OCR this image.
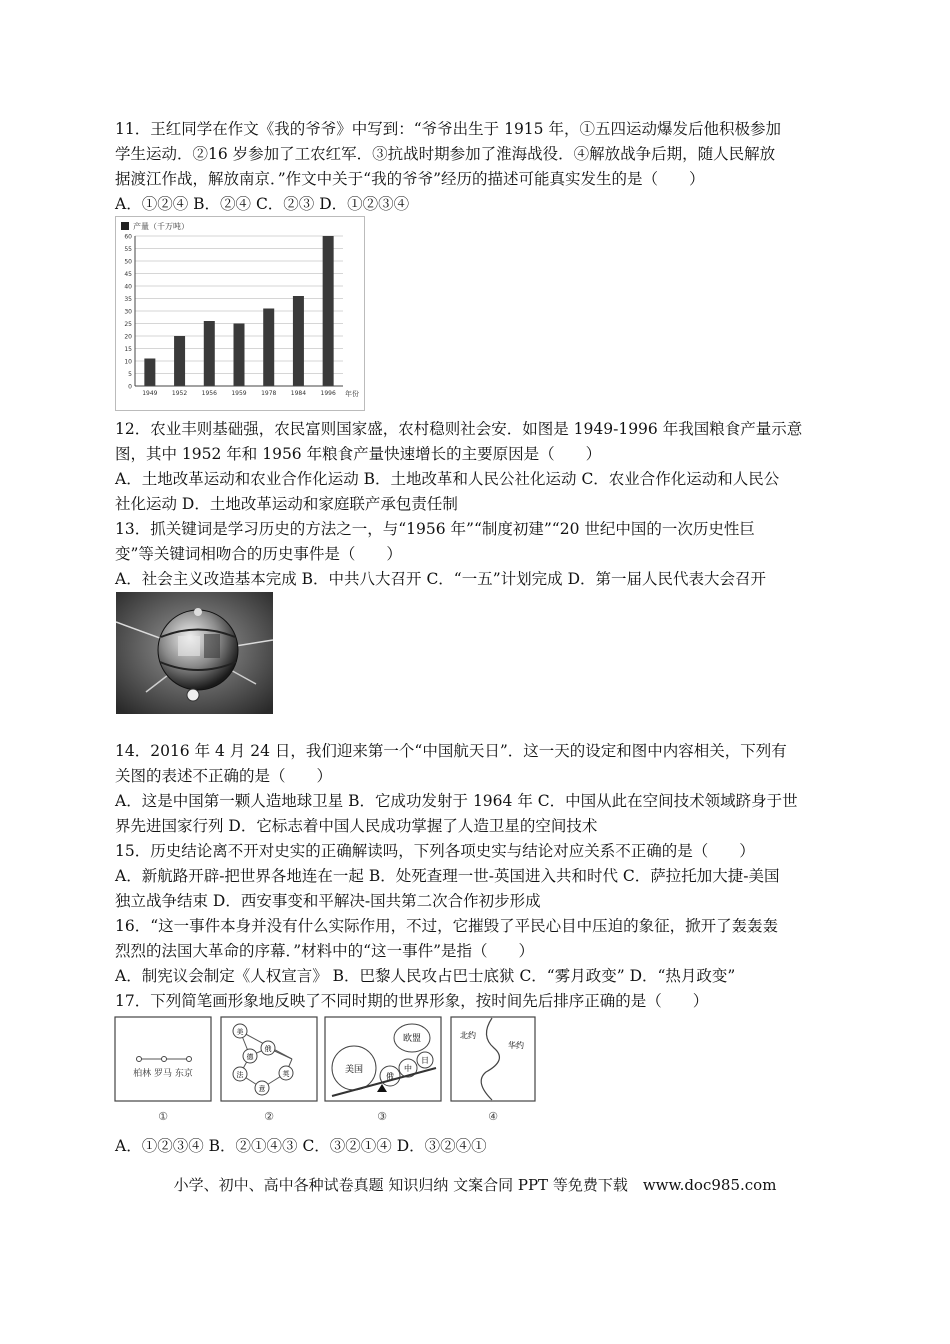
11．王红同学在作文《我的爷爷》中写到：“爷爷出生于 1915 年，①五四运动爆发后他积极参加
学生运动．②16 岁参加了工农红军．③抗战时期参加了淮海战役．④解放战争后期，随人民解放
据渡江作战，解放南京．”作文中关于“我的爷爷”经历的描述可能真实发生的是（　　）
A．①②④ B．②④ C．②③ D．①②③④
产量（千万吨）
0
5
10
15
20
25
30
35
40
45
50
55
60
1949 1952 1956 1959 1978 1984 1996 年份
12．农业丰则基础强，农民富则国家盛，农村稳则社会安．如图是 1949-1996 年我国粮食产量示意
图，其中 1952 年和 1956 年粮食产量快速增长的主要原因是（　　）
A．土地改革运动和农业合作化运动 B．土地改革和人民公社化运动 C．农业合作化运动和人民公
社化运动 D．土地改革运动和家庭联产承包责任制
13．抓关键词是学习历史的方法之一，与“1956 年”“制度初建”“20 世纪中国的一次历史性巨
变”等关键词相吻合的历史事件是（　　）
A．社会主义改造基本完成 B．中共八大召开 C．“一五”计划完成 D．第一届人民代表大会召开
14．2016 年 4 月 24 日，我们迎来第一个“中国航天日”．这一天的设定和图中内容相关，下列有
关图的表述不正确的是（　　）
A．这是中国第一颗人造地球卫星 B．它成功发射于 1964 年 C．中国从此在空间技术领域跻身于世
界先进国家行列 D．它标志着中国人民成功掌握了人造卫星的空间技术
15．历史结论离不开对史实的正确解读吗，下列各项史实与结论对应关系不正确的是（　　）
A．新航路开辟-把世界各地连在一起 B．处死查理一世-英国进入共和时代 C．萨拉托加大捷-美国
独立战争结束 D．西安事变和平解决-国共第二次合作初步形成
16．“这一事件本身并没有什么实际作用，不过，它摧毁了平民心目中压迫的象征，掀开了轰轰轰
烈烈的法国大革命的序幕．”材料中的“这一事件”是指（　　）
A．制宪议会制定《人权宣言》 B．巴黎人民攻占巴士底狱 C．“雾月政变” D．“热月政变”
17．下列简笔画形象地反映了不同时期的世界形象，按时间先后排序正确的是（　　）
柏林 罗马 东京
①
美
德
俄
法	英
意
②
美国
欧盟
日
中
俄
③
北约
华约
④
A．①②③④ B．②①④③ C．③②①④ D．③②④①
小学、初中、高中各种试卷真题 知识归纳 文案合同 PPT 等免费下载　www.doc985.com
